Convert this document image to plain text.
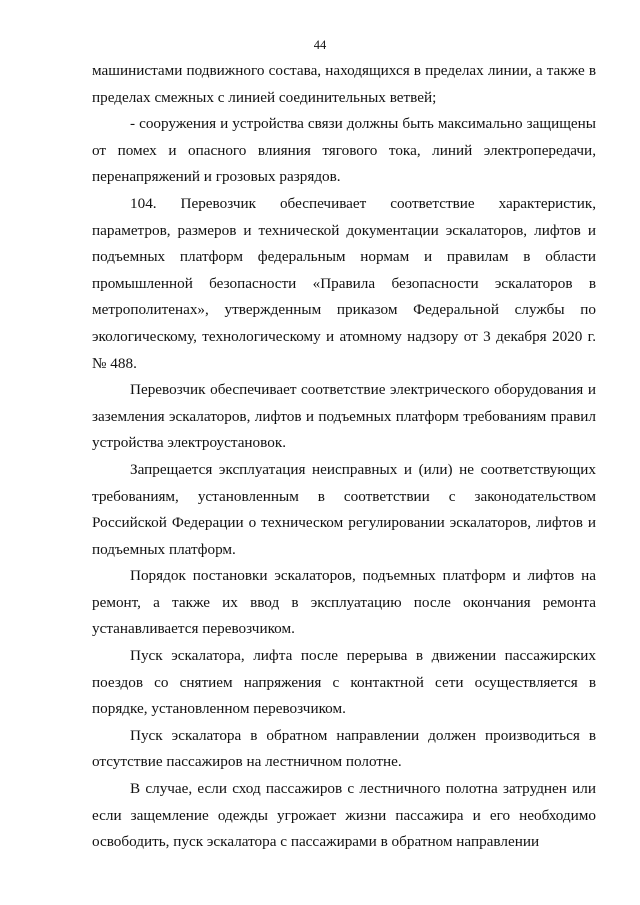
44

машинистами подвижного состава, находящихся в пределах линии, а также в пределах смежных с линией соединительных ветвей;

- сооружения и устройства связи должны быть максимально защищены от помех и опасного влияния тягового тока, линий электропередачи, перенапряжений и грозовых разрядов.

104. Перевозчик обеспечивает соответствие характеристик, параметров, размеров и технической документации эскалаторов, лифтов и подъемных платформ федеральным нормам и правилам в области промышленной безопасности «Правила безопасности эскалаторов в метрополитенах», утвержденным приказом Федеральной службы по экологическому, технологическому и атомному надзору от 3 декабря 2020 г. № 488.

Перевозчик обеспечивает соответствие электрического оборудования и заземления эскалаторов, лифтов и подъемных платформ требованиям правил устройства электроустановок.

Запрещается эксплуатация неисправных и (или) не соответствующих требованиям, установленным в соответствии с законодательством Российской Федерации о техническом регулировании эскалаторов, лифтов и подъемных платформ.

Порядок постановки эскалаторов, подъемных платформ и лифтов на ремонт, а также их ввод в эксплуатацию после окончания ремонта устанавливается перевозчиком.

Пуск эскалатора, лифта после перерыва в движении пассажирских поездов со снятием напряжения с контактной сети осуществляется в порядке, установленном перевозчиком.

Пуск эскалатора в обратном направлении должен производиться в отсутствие пассажиров на лестничном полотне.

В случае, если сход пассажиров с лестничного полотна затруднен или если защемление одежды угрожает жизни пассажира и его необходимо освободить, пуск эскалатора с пассажирами в обратном направлении
